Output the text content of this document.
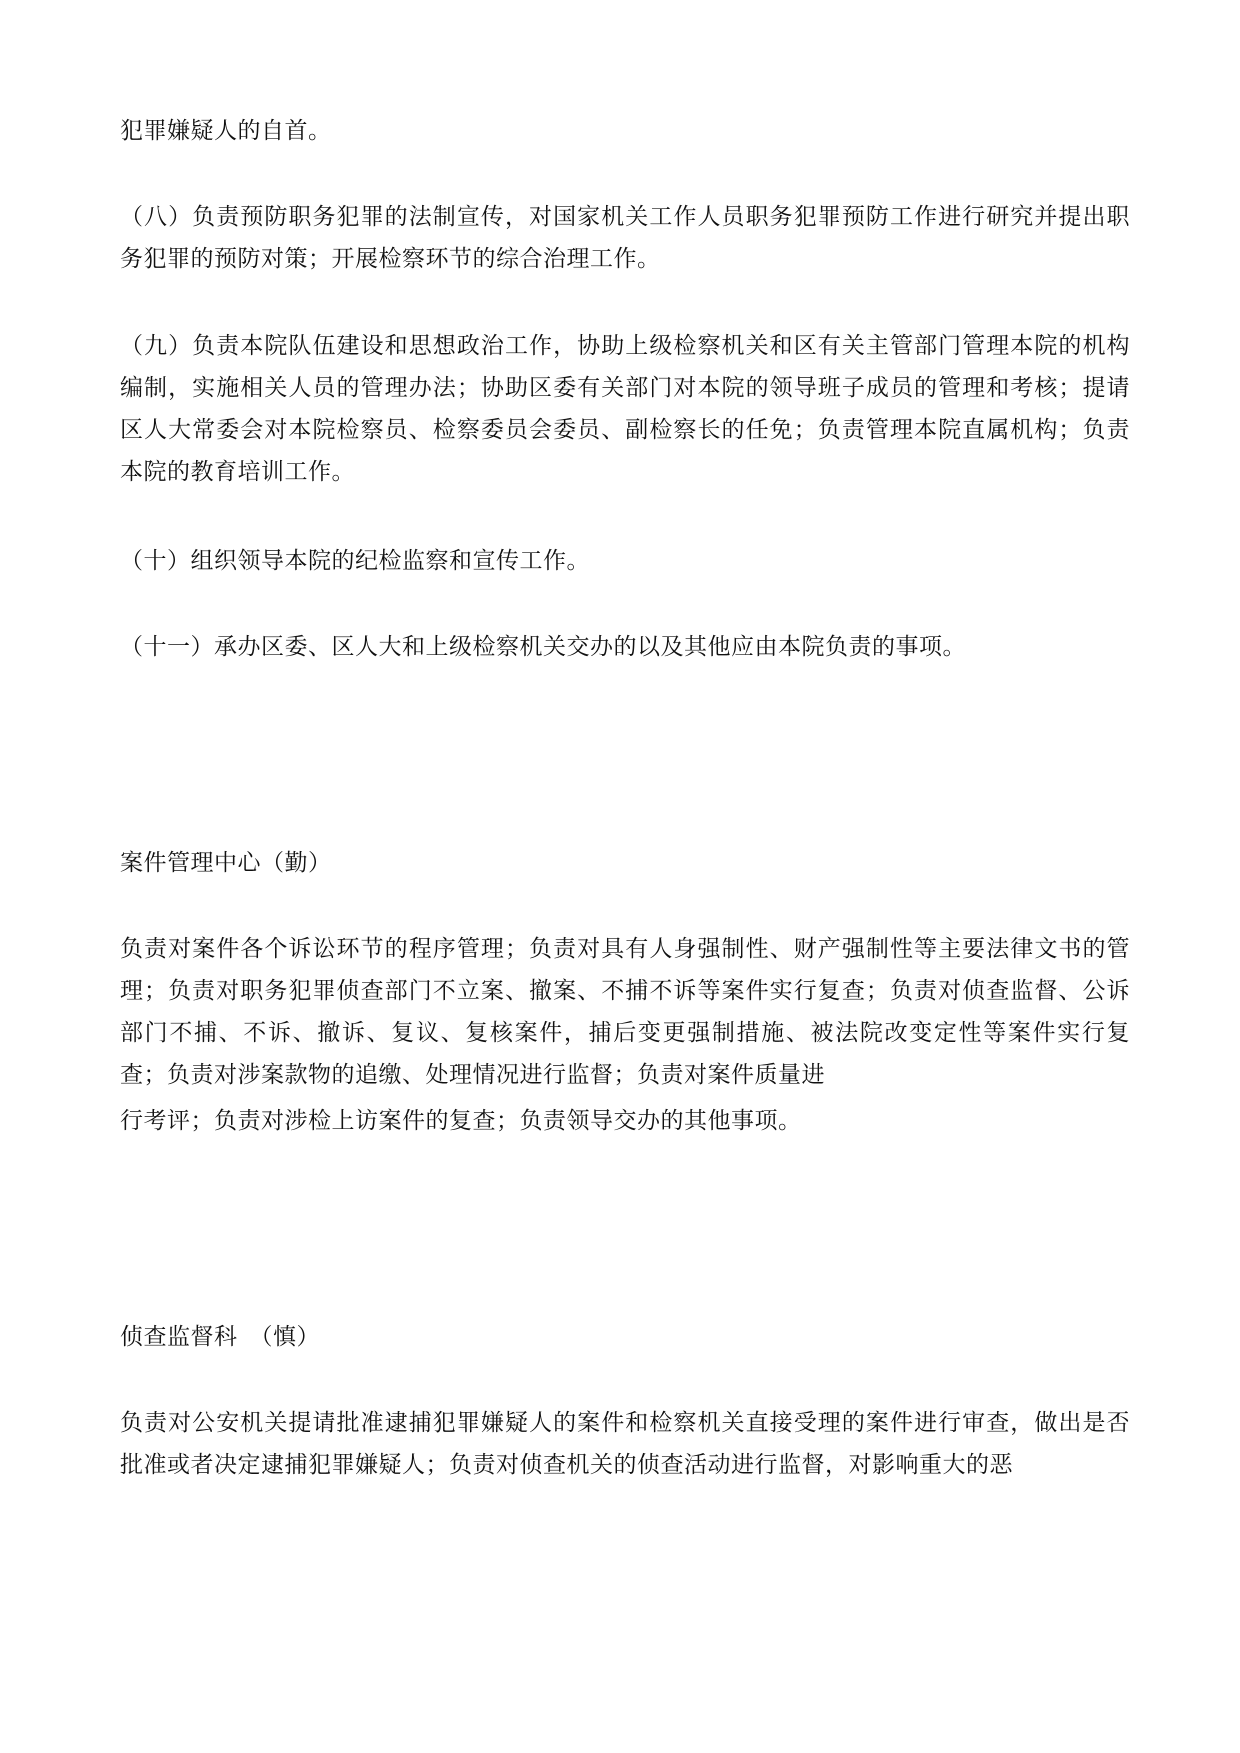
犯罪嫌疑人的自首。

（八）负责预防职务犯罪的法制宣传，对国家机关工作人员职务犯罪预防工作进行研究并提出职务犯罪的预防对策；开展检察环节的综合治理工作。

（九）负责本院队伍建设和思想政治工作，协助上级检察机关和区有关主管部门管理本院的机构编制，实施相关人员的管理办法；协助区委有关部门对本院的领导班子成员的管理和考核；提请区人大常委会对本院检察员、检察委员会委员、副检察长的任免；负责管理本院直属机构；负责本院的教育培训工作。

（十）组织领导本院的纪检监察和宣传工作。

（十一）承办区委、区人大和上级检察机关交办的以及其他应由本院负责的事项。

案件管理中心（勤）

负责对案件各个诉讼环节的程序管理；负责对具有人身强制性、财产强制性等主要法律文书的管理；负责对职务犯罪侦查部门不立案、撤案、不捕不诉等案件实行复查；负责对侦查监督、公诉部门不捕、不诉、撤诉、复议、复核案件，捕后变更强制措施、被法院改变定性等案件实行复查；负责对涉案款物的追缴、处理情况进行监督；负责对案件质量进

行考评；负责对涉检上访案件的复查；负责领导交办的其他事项。

侦查监督科　（慎）

负责对公安机关提请批准逮捕犯罪嫌疑人的案件和检察机关直接受理的案件进行审查，做出是否批准或者决定逮捕犯罪嫌疑人；负责对侦查机关的侦查活动进行监督，对影响重大的恶
